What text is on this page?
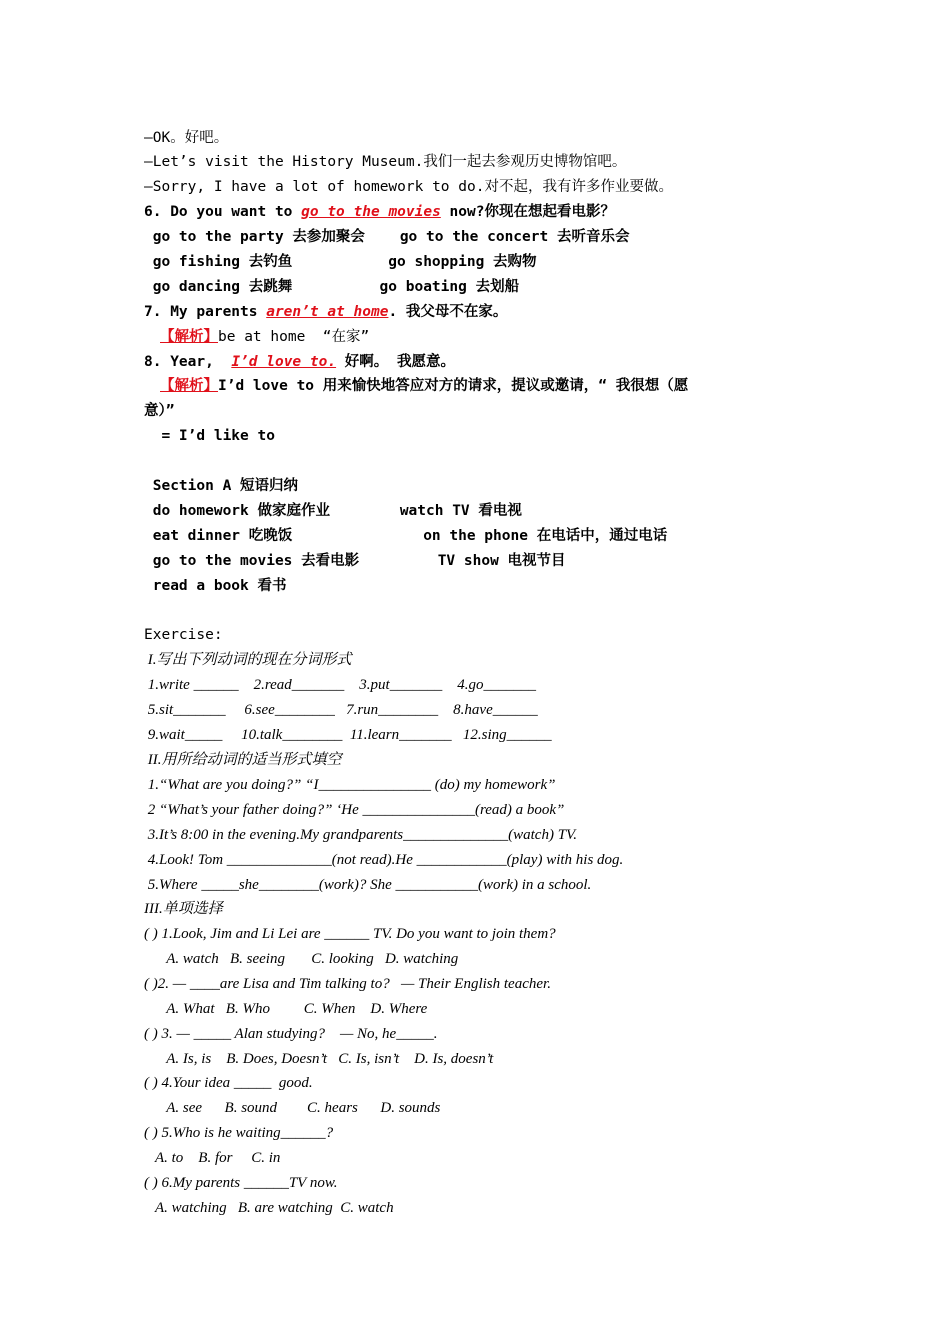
—OK。好吧。
—Let’s visit the History Museum.我们一起去参观历史博物馆吧。
—Sorry, I have a lot of homework to do.对不起，我有许多作业要做。
6. Do you want to go to the movies now?你现在想起看电影？
go to the party 去参加聚会    go to the concert 去听音乐会
go fishing 去钓鱼           go shopping 去购物
go dancing 去跳舞          go boating 去划船
7. My parents aren’t at home. 我父母不在家。
【解析】be at home  “在家”
8. Year,  I’d love to. 好啊。 我愿意。
【解析】I’d love to 用来愉快地答应对方的请求，提议或邀请，“ 我很想（愿
意）”
= I’d like to
Section A 短语归纳
do homework 做家庭作业        watch TV 看电视
eat dinner 吃晚饭               on the phone 在电话中，通过电话
go to the movies 去看电影         TV show 电视节目
read a book 看书
Exercise:
I.写出下列动词的现在分词形式
1.write ______    2.read_______    3.put_______    4.go_______
5.sit_______     6.see________   7.run________    8.have______
9.wait_____     10.talk________  11.learn_______   12.sing______
II.用所给动词的适当形式填空
1.“What are you doing?” “I_______________ (do) my homework”
2 “What’s your father doing?” ‘He _______________(read) a book”
3.It’s 8:00 in the evening.My grandparents______________(watch) TV.
4.Look! Tom ______________(not read).He ____________(play) with his dog.
5.Where _____she________(work)? She ___________(work) in a school.
III.单项选择
( ) 1.Look, Jim and Li Lei are ______ TV. Do you want to join them?
A. watch   B. seeing       C. looking   D. watching
( )2. — ____are Lisa and Tim talking to?   — Their English teacher.
A. What   B. Who         C. When    D. Where
( ) 3. — _____ Alan studying?    — No, he_____.
A. Is, is    B. Does, Doesn’t   C. Is, isn’t    D. Is, doesn’t
( ) 4.Your idea _____  good.
A. see      B. sound        C. hears      D. sounds
( ) 5.Who is he waiting______?
A. to    B. for     C. in
( ) 6.My parents ______TV now.
A. watching   B. are watching  C. watch
